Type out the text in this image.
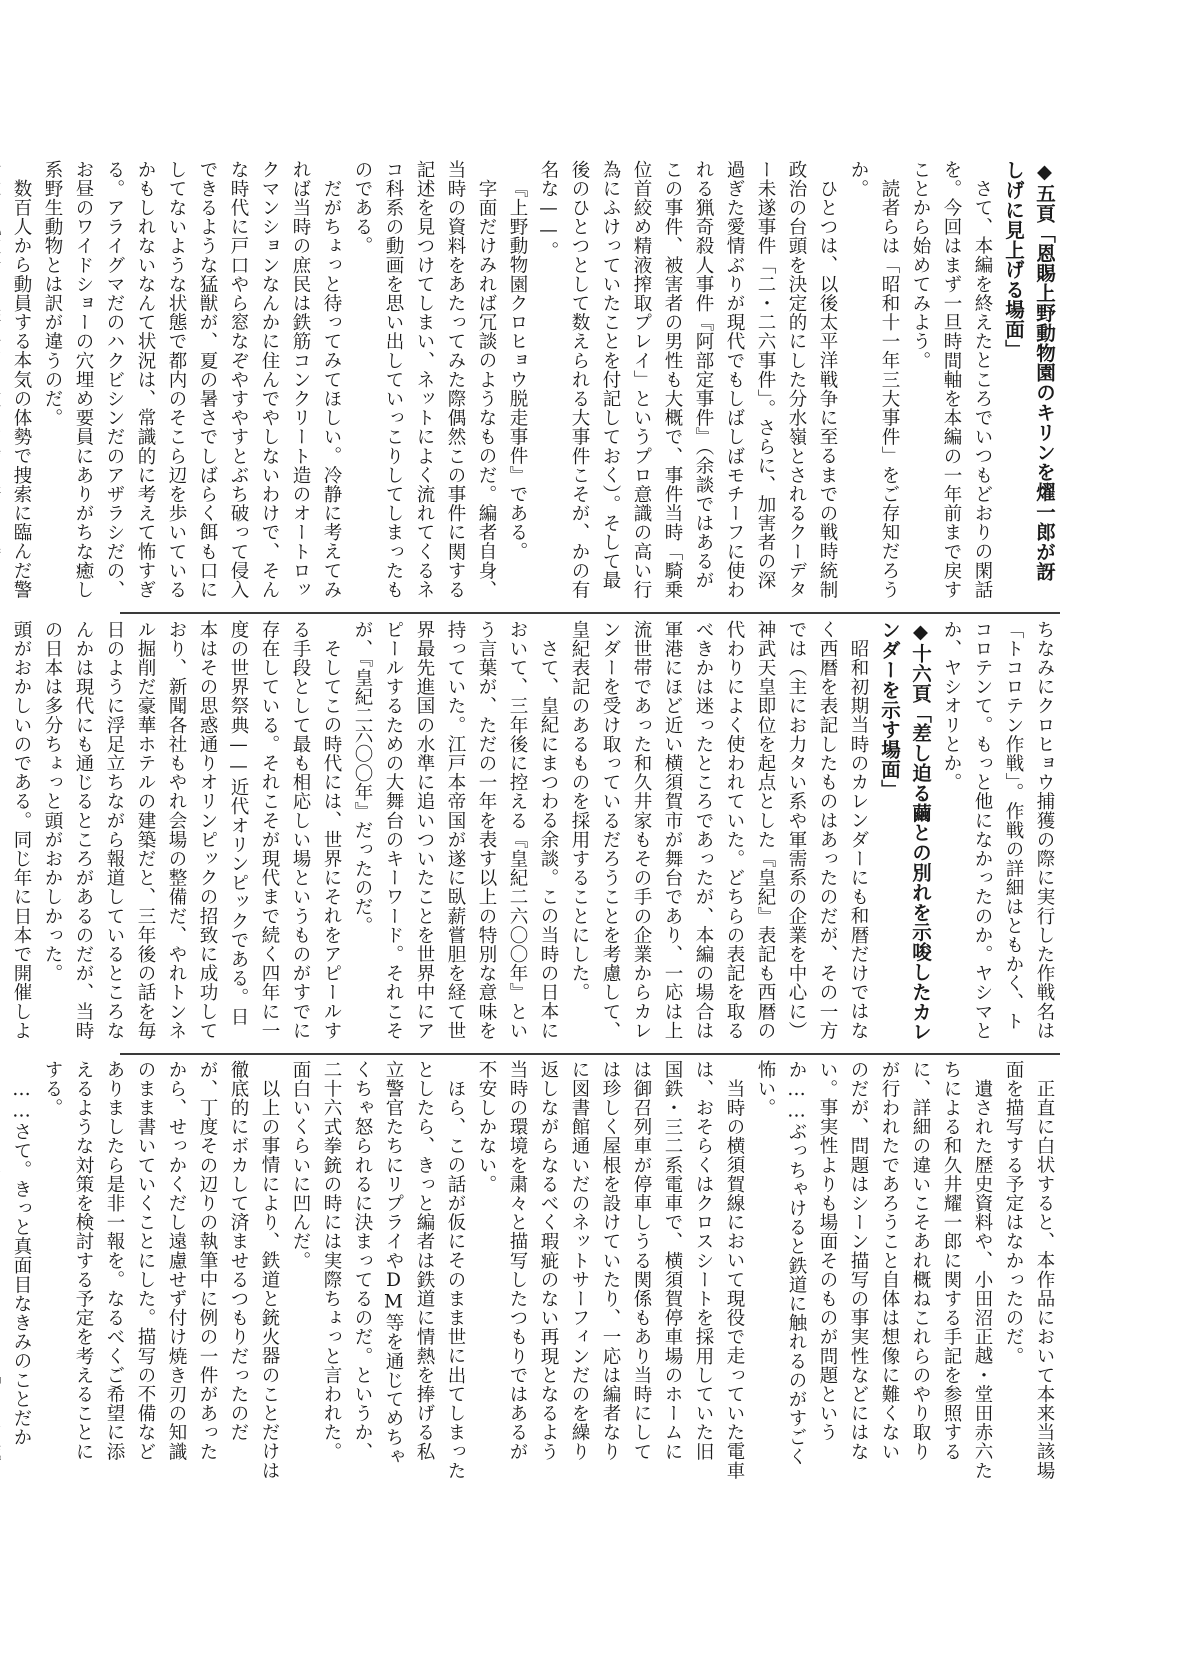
◆五頁「恩賜上野動物園のキリンを燿一郎が訝しげに見上げる場面」
さて、本編を終えたところでいつもどおりの閑話を。今回はまず一旦時間軸を本編の一年前まで戻すことから始めてみよう。
読者らは「昭和十一年三大事件」をご存知だろうか。
ひとつは、以後太平洋戦争に至るまでの戦時統制政治の台頭を決定的にした分水嶺とされるクーデター未遂事件「二・二六事件」。さらに、加害者の深過ぎた愛情ぶりが現代でもしばしばモチーフに使われる猟奇殺人事件『阿部定事件』（余談ではあるがこの事件、被害者の男性も大概で、事件当時「騎乗位首絞め精液搾取プレイ」というプロ意識の高い行為にふけっていたことを付記しておく）。そして最後のひとつとして数えられる大事件こそが、かの有名な——。
『上野動物園クロヒョウ脱走事件』である。
字面だけみれば冗談のようなものだ。編者自身、当時の資料をあたってみた際偶然この事件に関する記述を見つけてしまい、ネットによく流れてくるネコ科系の動画を思い出していっこりしてしまったものである。
だがちょっと待ってみてほしい。冷静に考えてみれば当時の庶民は鉄筋コンクリート造のオートロックマンションなんかに住んでやしないわけで、そんな時代に戸口やら窓なぞやすやすとぶち破って侵入できるような猛獣が、夏の暑さでしばらく餌も口にしてないような状態で都内のそこら辺を歩いているかもしれないなんて状況は、常識的に考えて怖すぎる。アライグマだのハクビシンだのアザラシだの、お昼のワイドショーの穴埋め要員にありがちな癒し系野生動物とは訳が違うのだ。
数百人から動員する本気の体勢で捜索に臨んだ警
ちなみにクロヒョウ捕獲の際に実行した作戦名は「トコロテン作戦」。作戦の詳細はともかく、トコロテンて。もっと他になかったのか。ヤシマとか、ヤシオリとか。
◆十六頁「差し迫る繭との別れを示唆したカレンダーを示す場面」
昭和初期当時のカレンダーにも和暦だけではなく西暦を表記したものはあったのだが、その一方では（主にお力タい系や軍需系の企業を中心に）神武天皇即位を起点とした『皇紀』表記も西暦の代わりによく使われていた。どちらの表記を取るべきかは迷ったところであったが、本編の場合は軍港にほど近い横須賀市が舞台であり、一応は上流世帯であった和久井家もその手の企業からカレンダーを受け取っているだろうことを考慮して、皇紀表記のあるものを採用することにした。
さて、皇紀にまつわる余談。この当時の日本において、三年後に控える『皇紀二六〇〇年』という言葉が、ただの一年を表す以上の特別な意味を持っていた。江戸本帝国が遂に臥薪嘗胆を経て世界最先進国の水準に追いついたことを世界中にアピールするための大舞台のキーワード。それこそが、『皇紀二六〇〇年』だったのだ。
そしてこの時代には、世界にそれをアピールする手段として最も相応しい場というものがすでに存在している。それこそが現代まで続く四年に一度の世界祭典——近代オリンピックである。日本はその思惑通りオリンピックの招致に成功しており、新聞各社もやれ会場の整備だ、やれトンネル掘削だ豪華ホテルの建築だと、三年後の話を毎日のように浮足立ちながら報道しているところなんかは現代にも通じるところがあるのだが、当時の日本は多分ちょっと頭がおかしかった。
頭がおかしいのである。同じ年に日本で開催しよ
正直に白状すると、本作品において本来当該場面を描写する予定はなかったのだ。
遺された歴史資料や、小田沼正越・堂田赤六たちによる和久井耀一郎に関する手記を参照するに、詳細の違いこそあれ概ねこれらのやり取りが行われたであろうこと自体は想像に難くないのだが、問題はシーン描写の事実性などにはない。事実性よりも場面そのものが問題というか……ぶっちゃけると鉄道に触れるのがすごく怖い。
当時の横須賀線において現役で走っていた電車は、おそらくはクロスシートを採用していた旧国鉄・三二系電車で、横須賀停車場のホームには御召列車が停車しうる関係もあり当時にしては珍しく屋根を設けていたり、一応は編者なりに図書館通いだのネットサーフィンだのを繰り返しながらなるべく瑕疵のない再現となるよう当時の環境を粛々と描写したつもりではあるが不安しかない。
ほら、この話が仮にそのまま世に出てしまったとしたら、きっと編者は鉄道に情熱を捧げる私立警官たちにリプライやDM等を通じてめちゃくちゃ怒られるに決まってるのだ。というか、二十六式拳銃の時には実際ちょっと言われた。面白いくらいに凹んだ。
以上の事情により、鉄道と銃火器のことだけは徹底的にボカして済ませるつもりだったのだが、丁度その辺りの執筆中に例の一件があったから、せっかくだし遠慮せず付け焼き刃の知識のまま書いていくことにした。描写の不備などありましたら是非一報を。なるべくご希望に添えるような対策を検討する予定を考えることにする。
……さて。きっと真面目なきみのことだか　
